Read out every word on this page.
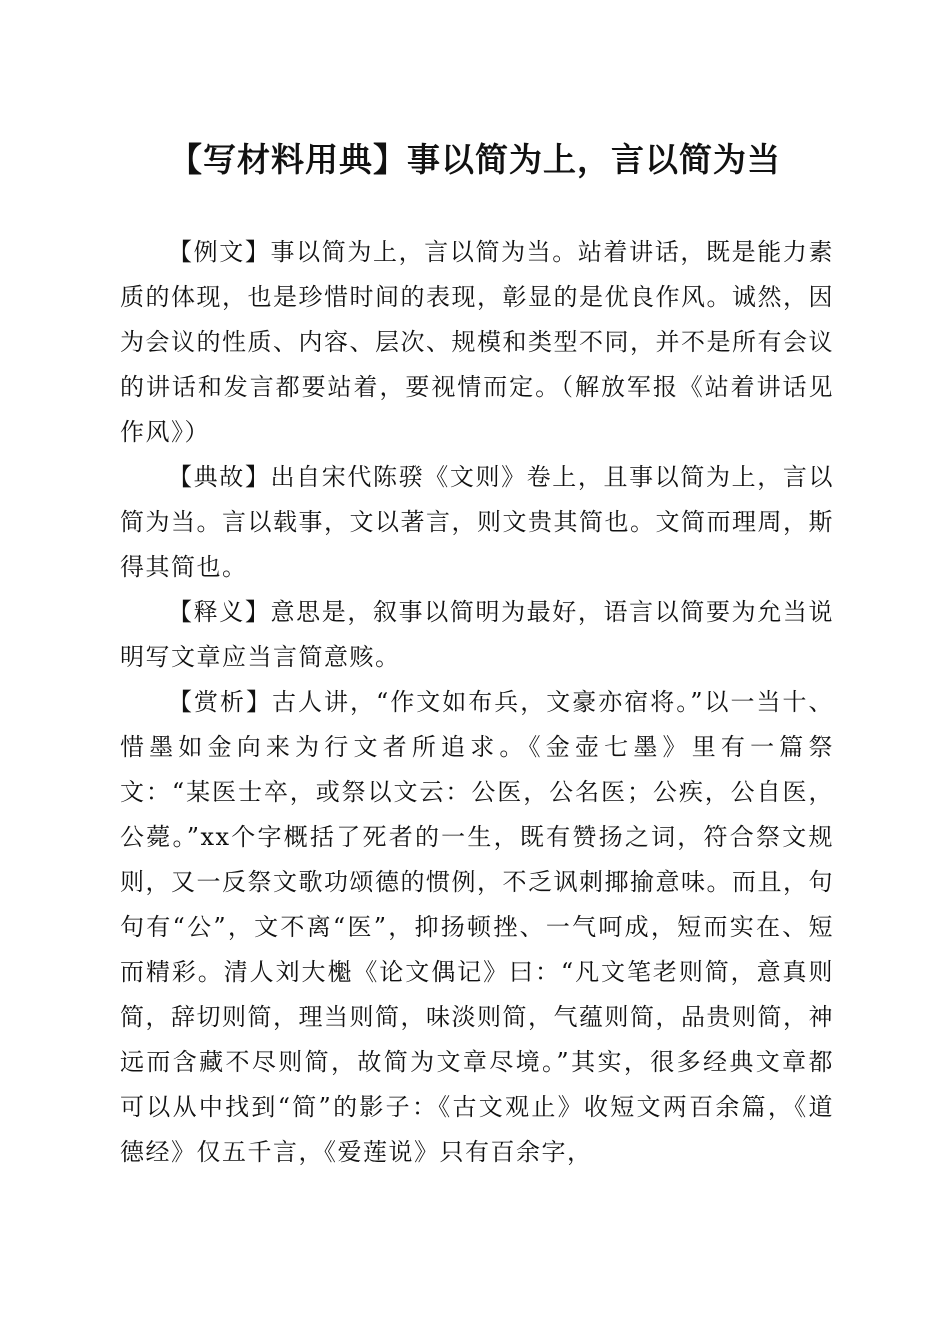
【写材料用典】事以简为上，言以简为当

【例文】事以简为上，言以简为当。站着讲话，既是能力素质的体现，也是珍惜时间的表现，彰显的是优良作风。诚然，因为会议的性质、内容、层次、规模和类型不同，并不是所有会议的讲话和发言都要站着，要视情而定。（解放军报《站着讲话见作风》）

【典故】出自宋代陈骙《文则》卷上，且事以简为上，言以简为当。言以载事，文以著言，则文贵其简也。文简而理周，斯得其简也。

【释义】意思是，叙事以简明为最好，语言以简要为允当说明写文章应当言简意赅。

【赏析】古人讲，“作文如布兵，文豪亦宿将。”以一当十、惜墨如金向来为行文者所追求。《金壶七墨》里有一篇祭文：“某医士卒，或祭以文云：公医，公名医；公疾，公自医，公薨。”xx个字概括了死者的一生，既有赞扬之词，符合祭文规则，又一反祭文歌功颂德的惯例，不乏讽刺揶揄意味。而且，句句有“公”，文不离“医”，抑扬顿挫、一气呵成，短而实在、短而精彩。清人刘大櫆《论文偶记》曰：“凡文笔老则简，意真则简，辞切则简，理当则简，味淡则简，气蕴则简，品贵则简，神远而含藏不尽则简，故简为文章尽境。”其实，很多经典文章都可以从中找到“简”的影子：《古文观止》收短文两百余篇，《道德经》仅五千言，《爱莲说》只有百余字，
